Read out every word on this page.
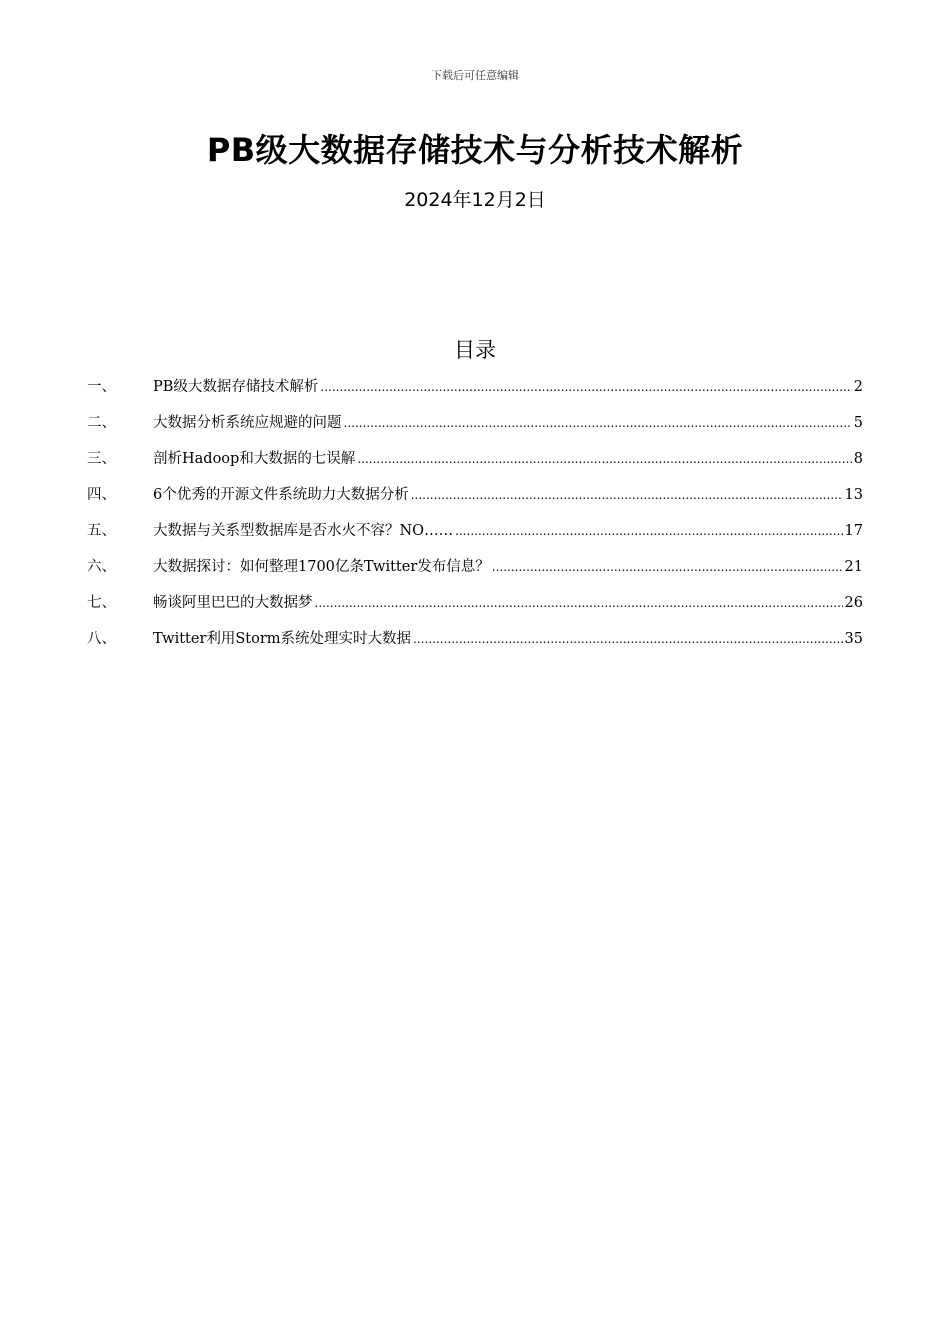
下载后可任意编辑
PB级大数据存储技术与分析技术解析
2024年12月2日
目录
一、	PB级大数据存储技术解析 .....	2
二、	大数据分析系统应规避的问题 .....	5
三、	剖析Hadoop和大数据的七误解 .....	8
四、	6个优秀的开源文件系统助力大数据分析 .....	13
五、	大数据与关系型数据库是否水火不容？NO…… .....	17
六、	大数据探讨：如何整理1700亿条Twitter发布信息？ .....	21
七、	畅谈阿里巴巴的大数据梦 .....	26
八、	Twitter利用Storm系统处理实时大数据 .....	35
